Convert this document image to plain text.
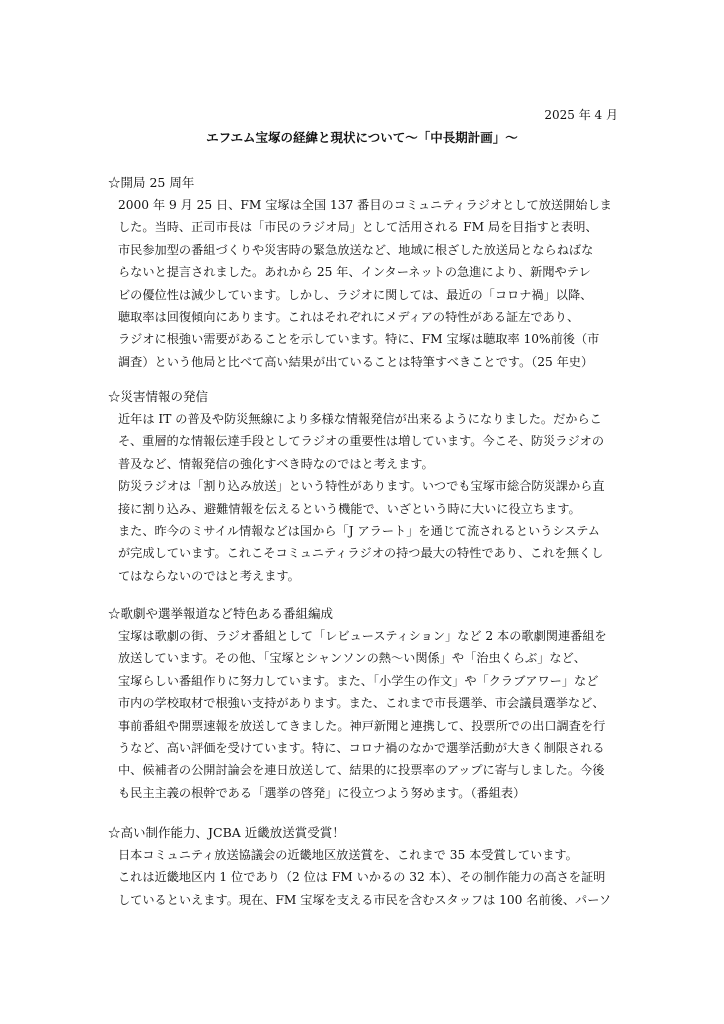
2025 年 4 月
エフエム宝塚の経緯と現状について〜「中長期計画」〜

☆開局 25 周年

2000 年 9 月 25 日、FM 宝塚は全国 137 番目のコミュニティラジオとして放送開始しま

した。当時、正司市長は「市民のラジオ局」として活用される FM 局を目指すと表明、

市民参加型の番組づくりや災害時の緊急放送など、地域に根ざした放送局とならねばな

らないと提言されました。あれから 25 年、インターネットの急進により、新聞やテレ

ビの優位性は減少しています。しかし、ラジオに関しては、最近の「コロナ禍」以降、

聴取率は回復傾向にあります。これはそれぞれにメディアの特性がある証左であり、

ラジオに根強い需要があることを示しています。特に、FM 宝塚は聴取率 10%前後（市

調査）という他局と比べて高い結果が出ていることは特筆すべきことです。（25 年史）

☆災害情報の発信

近年は IT の普及や防災無線により多様な情報発信が出来るようになりました。だからこ

そ、重層的な情報伝達手段としてラジオの重要性は増しています。今こそ、防災ラジオの

普及など、情報発信の強化すべき時なのではと考えます。

防災ラジオは「割り込み放送」という特性があります。いつでも宝塚市総合防災課から直

接に割り込み、避難情報を伝えるという機能で、いざという時に大いに役立ちます。

また、昨今のミサイル情報などは国から「J アラート」を通じて流されるというシステム

が完成しています。これこそコミュニティラジオの持つ最大の特性であり、これを無くし

てはならないのではと考えます。

☆歌劇や選挙報道など特色ある番組編成

宝塚は歌劇の街、ラジオ番組として「レビュースティション」など 2 本の歌劇関連番組を

放送しています。その他、「宝塚とシャンソンの熱〜い関係」や「治虫くらぶ」など、

宝塚らしい番組作りに努力しています。また、「小学生の作文」や「クラブアワー」など

市内の学校取材で根強い支持があります。また、これまで市長選挙、市会議員選挙など、

事前番組や開票速報を放送してきました。神戸新聞と連携して、投票所での出口調査を行

うなど、高い評価を受けています。特に、コロナ禍のなかで選挙活動が大きく制限される

中、候補者の公開討論会を連日放送して、結果的に投票率のアップに寄与しました。今後

も民主主義の根幹である「選挙の啓発」に役立つよう努めます。（番組表）

☆高い制作能力、JCBA 近畿放送賞受賞！

日本コミュニティ放送協議会の近畿地区放送賞を、これまで 35 本受賞しています。

これは近畿地区内 1 位であり（2 位は FM いかるの 32 本）、その制作能力の高さを証明

しているといえます。現在、FM 宝塚を支える市民を含むスタッフは 100 名前後、パーソ
